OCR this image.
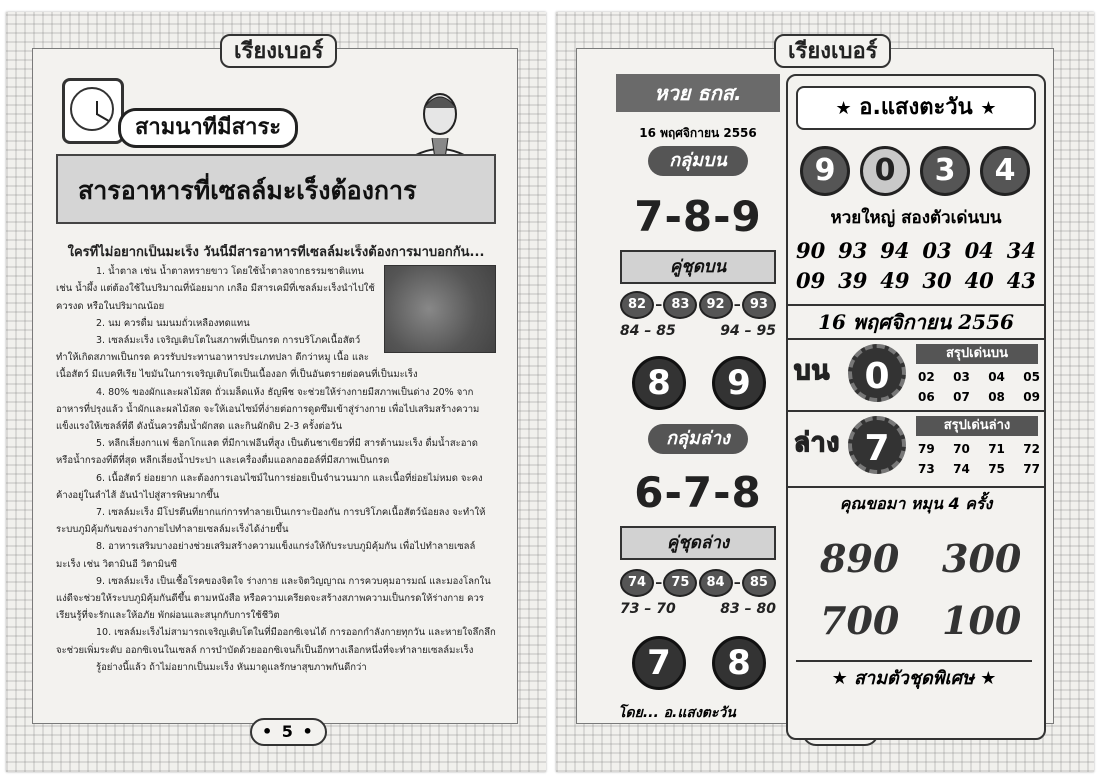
เรียงเบอร์
สามนาทีมีสาระ
สารอาหารที่เซลล์มะเร็งต้องการ
ใครที่ไม่อยากเป็นมะเร็ง วันนี้มีสารอาหารที่เซลล์มะเร็งต้องการมาบอกกัน...

1. น้ำตาล เช่น น้ำตาลทรายขาว โดยใช้น้ำตาลจากธรรมชาติแทน เช่น น้ำผึ้ง แต่ต้องใช้ในปริมาณที่น้อยมาก เกลือ มีสารเคมีที่เซลล์มะเร็งนำไปใช้ ควรงด หรือในปริมาณน้อย

2. นม ควรดื่ม นมนมถั่วเหลืองทดแทน

3. เซลล์มะเร็ง เจริญเติบโตในสภาพที่เป็นกรด การบริโภคเนื้อสัตว์ ทำให้เกิดสภาพเป็นกรด ควรรับประทานอาหารประเภทปลา ดีกว่าหมู เนื้อ และเนื้อสัตว์ มีแบคทีเรีย ไขมันในการเจริญเติบโตเป็นเนื้องอก ที่เป็นอันตรายต่อคนที่เป็นมะเร็ง

4. 80% ของผักและผลไม้สด ถั่วเมล็ดแห้ง ธัญพืช จะช่วยให้ร่างกายมีสภาพเป็นด่าง 20% จากอาหารที่ปรุงแล้ว น้ำผักและผลไม้สด จะให้เอนไซม์ที่ง่ายต่อการดูดซึมเข้าสู่ร่างกาย เพื่อไปเสริมสร้างความแข็งแรงให้เซลล์ที่ดี ดังนั้นควรดื่มน้ำผักสด และกินผักดิบ 2-3 ครั้งต่อวัน

5. หลีกเลี่ยงกาแฟ ช็อกโกแลต ที่มีกาเฟอีนที่สูง เป็นต้นชาเขียวที่มี สารต้านมะเร็ง ดื่มน้ำสะอาด หรือน้ำกรองที่ดีที่สุด หลีกเลี่ยงน้ำประปา และเครื่องดื่มแอลกอฮอล์ที่มีสภาพเป็นกรด

6. เนื้อสัตว์ ย่อยยาก และต้องการเอนไซม์ในการย่อยเป็นจำนวนมาก และเนื้อที่ย่อยไม่หมด จะคงค้างอยู่ในลำไส้ อันนำไปสู่สารพิษมากขึ้น

7. เซลล์มะเร็ง มีโปรตีนที่ยากแก่การทำลายเป็นเกราะป้องกัน การบริโภคเนื้อสัตว์น้อยลง จะทำให้ระบบภูมิคุ้มกันของร่างกายไปทำลายเซลล์มะเร็งได้ง่ายขึ้น

8. อาหารเสริมบางอย่างช่วยเสริมสร้างความแข็งแกร่งให้กับระบบภูมิคุ้มกัน เพื่อไปทำลายเซลล์มะเร็ง เช่น วิตามินอี วิตามินซี

9. เซลล์มะเร็ง เป็นเชื้อโรคของจิตใจ ร่างกาย และจิตวิญญาณ การควบคุมอารมณ์ และมองโลกในแง่ดีจะช่วยให้ระบบภูมิคุ้มกันดีขึ้น ตามหนังสือ หรือความเครียดจะสร้างสภาพความเป็นกรดให้ร่างกาย ควรเรียนรู้ที่จะรักและให้อภัย พักผ่อนและสนุกกับการใช้ชีวิต

10. เซลล์มะเร็งไม่สามารถเจริญเติบโตในที่มีออกซิเจนได้ การออกกำลังกายทุกวัน และหายใจลึกลึก จะช่วยเพิ่มระดับ ออกซิเจนในเซลล์ การบำบัดด้วยออกซิเจนก็เป็นอีกทางเลือกหนึ่งที่จะทำลายเซลล์มะเร็ง

รู้อย่างนี้แล้ว ถ้าไม่อยากเป็นมะเร็ง หันมาดูแลรักษาสุขภาพกันดีกว่า

• 5 •
เรียงเบอร์
หวย ธกส.
16 พฤศจิกายน 2556
กลุ่มบน
7-8-9
คู่ชุดบน
82 – 83	92 – 93
84 – 85	94 – 95
8	9
กลุ่มล่าง
6-7-8
คู่ชุดล่าง
74 – 75	84 – 85
73 – 70	83 – 80
7	8
โดย... อ.แสงตะวัน
★ อ.แสงตะวัน ★
9	0	3	4
หวยใหญ่ สองตัวเด่นบน
90 93 94 03 04 34
09 39 49 30 40 43
16 พฤศจิกายน 2556
บน 0
สรุปเด่นบน
02 03 04 05
06 07 08 09
ล่าง 7
สรุปเด่นล่าง
79 70 71 72
73 74 75 77
คุณขอมา หมุน 4 ครั้ง
890 300
700 100
★ สามตัวชุดพิเศษ ★
